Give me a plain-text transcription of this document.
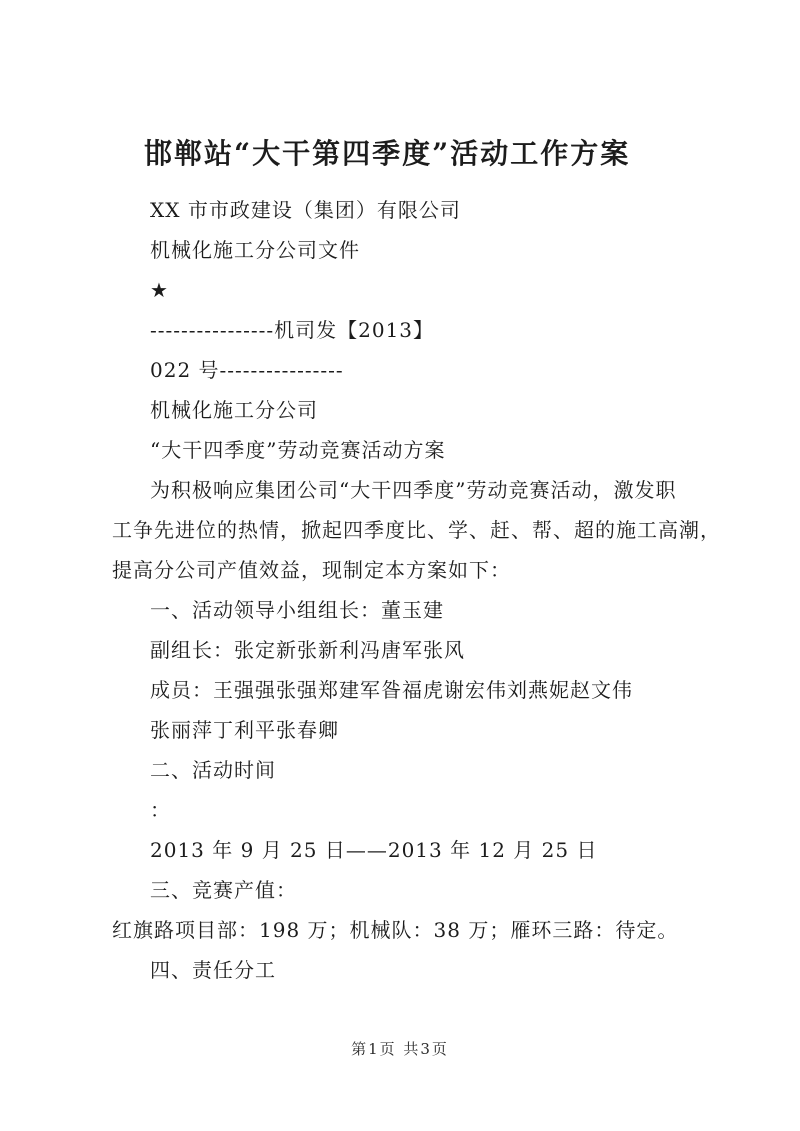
邯郸站“大干第四季度”活动工作方案
XX 市市政建设（集团）有限公司
机械化施工分公司文件
★
----------------机司发【2013】
022 号----------------
机械化施工分公司
“大干四季度”劳动竞赛活动方案
为积极响应集团公司“大干四季度”劳动竞赛活动，激发职
工争先进位的热情，掀起四季度比、学、赶、帮、超的施工高潮，
提高分公司产值效益，现制定本方案如下：
一、活动领导小组组长：董玉建
副组长：张定新张新利冯唐军张风
成员：王强强张强郑建军昝福虎谢宏伟刘燕妮赵文伟
张丽萍丁利平张春卿
二、活动时间
：
2013 年 9 月 25 日——2013 年 12 月 25 日
三、竞赛产值：
红旗路项目部：198 万；机械队：38 万；雁环三路：待定。
四、责任分工
第1页 共3页
